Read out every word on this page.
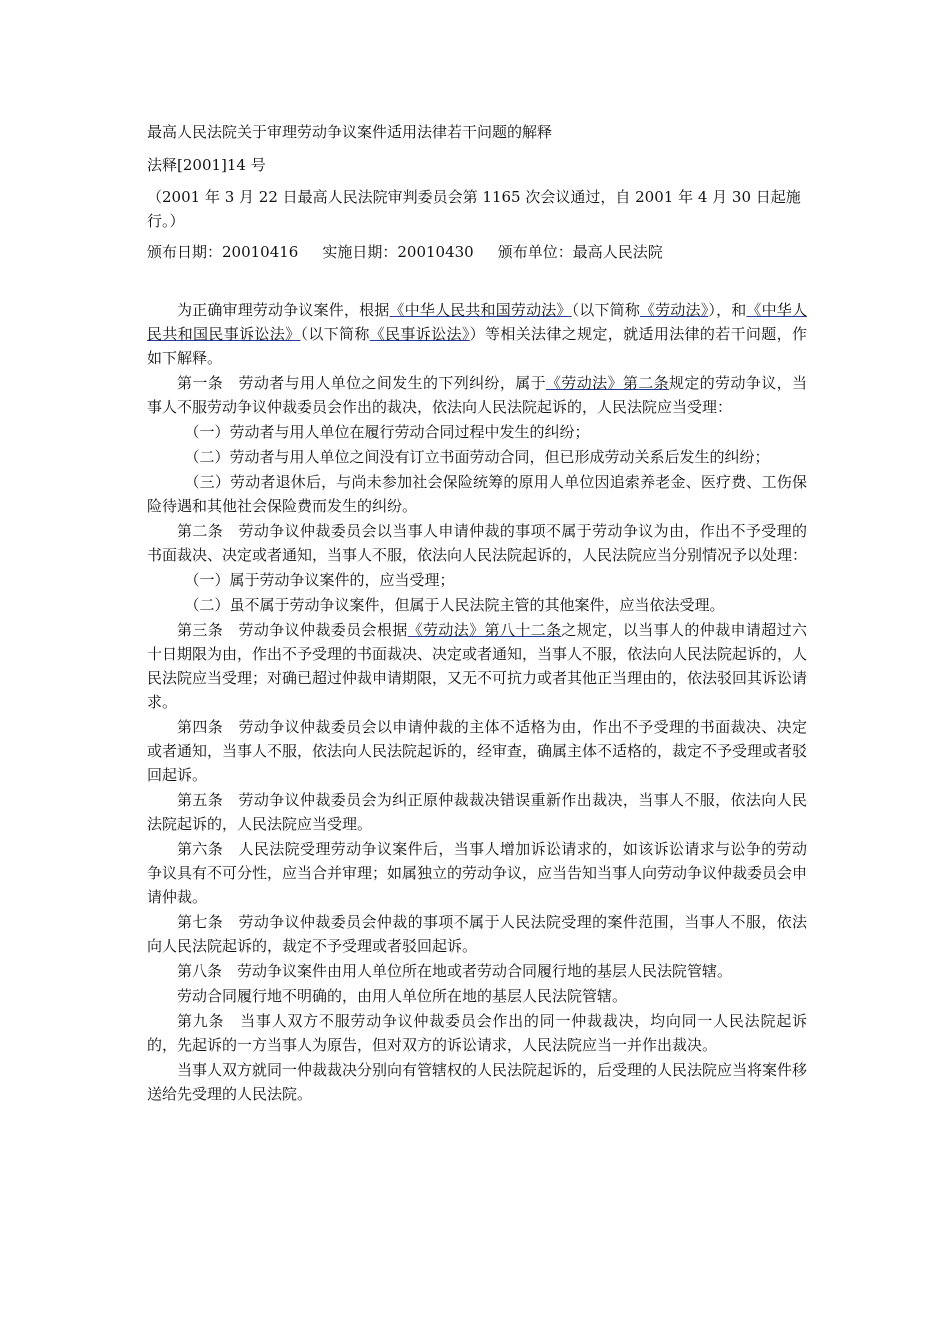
最高人民法院关于审理劳动争议案件适用法律若干问题的解释
法释[2001]14 号
（2001 年 3 月 22 日最高人民法院审判委员会第 1165 次会议通过，自 2001 年 4 月 30 日起施行。）
颁布日期：20010416 实施日期：20010430 颁布单位：最高人民法院

为正确审理劳动争议案件，根据《中华人民共和国劳动法》（以下简称《劳动法》），和《中华人民共和国民事诉讼法》（以下简称《民事诉讼法》）等相关法律之规定，就适用法律的若干问题，作如下解释。

第一条 劳动者与用人单位之间发生的下列纠纷，属于《劳动法》第二条规定的劳动争议，当事人不服劳动争议仲裁委员会作出的裁决，依法向人民法院起诉的，人民法院应当受理：

（一）劳动者与用人单位在履行劳动合同过程中发生的纠纷；

（二）劳动者与用人单位之间没有订立书面劳动合同，但已形成劳动关系后发生的纠纷；

（三）劳动者退休后，与尚未参加社会保险统筹的原用人单位因追索养老金、医疗费、工伤保险待遇和其他社会保险费而发生的纠纷。

第二条 劳动争议仲裁委员会以当事人申请仲裁的事项不属于劳动争议为由，作出不予受理的书面裁决、决定或者通知，当事人不服，依法向人民法院起诉的，人民法院应当分别情况予以处理：

（一）属于劳动争议案件的，应当受理；

（二）虽不属于劳动争议案件，但属于人民法院主管的其他案件，应当依法受理。

第三条 劳动争议仲裁委员会根据《劳动法》第八十二条之规定，以当事人的仲裁申请超过六十日期限为由，作出不予受理的书面裁决、决定或者通知，当事人不服，依法向人民法院起诉的，人民法院应当受理；对确已超过仲裁申请期限，又无不可抗力或者其他正当理由的，依法驳回其诉讼请求。

第四条 劳动争议仲裁委员会以申请仲裁的主体不适格为由，作出不予受理的书面裁决、决定或者通知，当事人不服，依法向人民法院起诉的，经审查，确属主体不适格的，裁定不予受理或者驳回起诉。

第五条 劳动争议仲裁委员会为纠正原仲裁裁决错误重新作出裁决，当事人不服，依法向人民法院起诉的，人民法院应当受理。

第六条 人民法院受理劳动争议案件后，当事人增加诉讼请求的，如该诉讼请求与讼争的劳动争议具有不可分性，应当合并审理；如属独立的劳动争议，应当告知当事人向劳动争议仲裁委员会申请仲裁。

第七条 劳动争议仲裁委员会仲裁的事项不属于人民法院受理的案件范围，当事人不服，依法向人民法院起诉的，裁定不予受理或者驳回起诉。

第八条 劳动争议案件由用人单位所在地或者劳动合同履行地的基层人民法院管辖。

劳动合同履行地不明确的，由用人单位所在地的基层人民法院管辖。

第九条 当事人双方不服劳动争议仲裁委员会作出的同一仲裁裁决，均向同一人民法院起诉的，先起诉的一方当事人为原告，但对双方的诉讼请求，人民法院应当一并作出裁决。

当事人双方就同一仲裁裁决分别向有管辖权的人民法院起诉的，后受理的人民法院应当将案件移送给先受理的人民法院。
